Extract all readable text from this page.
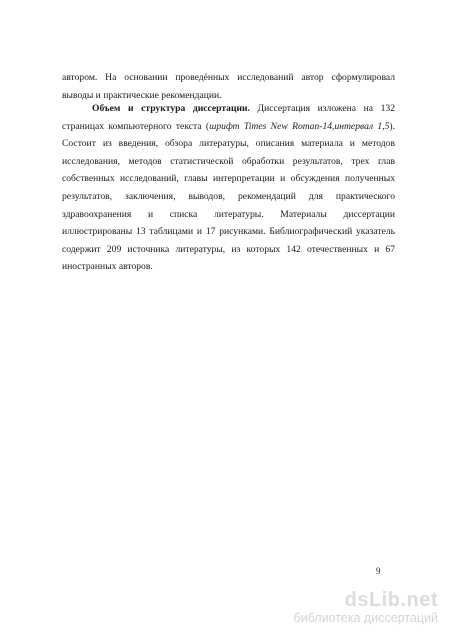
автором. На основании проведённых исследований автор сформулировал
выводы и практические рекомендации.
Объем и структура диссертации. Диссертация изложена на 132
страницах компьютерного текста (шрифт Times New Roman-14,интервал 1,5).
Состоит из введения, обзора литературы, описания материала и методов
исследования, методов статистической обработки результатов, трех глав
собственных исследований, главы интерпретации и обсуждения полученных
результатов, заключения, выводов, рекомендаций для практического
здравоохранения и списка литературы. Материалы диссертации
иллюстрированы 13 таблицами и 17 рисунками. Библиографический указатель
содержит 209 источника литературы, из которых 142 отечественных и 67
иностранных авторов.
9
dsLib.net
библиотека диссертаций
